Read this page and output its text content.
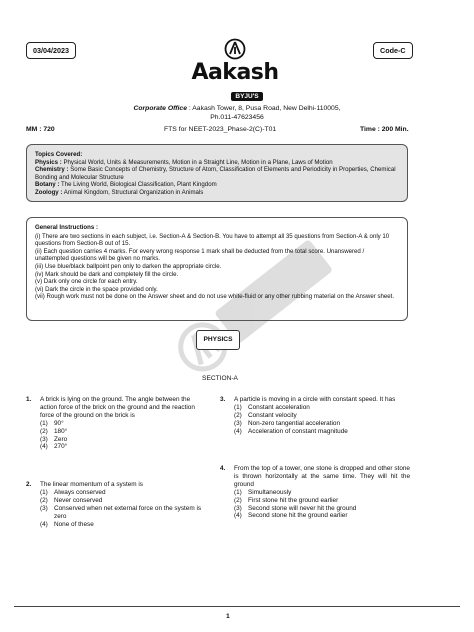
03/04/2023	Code-C
Aakash
BYJU'S
Corporate Office : Aakash Tower, 8, Pusa Road, New Delhi-110005,
Ph.011-47623456
MM : 720	FTS for NEET-2023_Phase-2(C)-T01	Time : 200 Min.
Topics Covered:
Physics : Physical World, Units & Measurements, Motion in a Straight Line, Motion in a Plane, Laws of Motion
Chemistry : Some Basic Concepts of Chemistry, Structure of Atom, Classification of Elements and Periodicity in Properties, Chemical Bonding and Molecular Structure
Botany : The Living World, Biological Classification, Plant Kingdom
Zoology : Animal Kingdom, Structural Organization in Animals
General Instructions :
(i) There are two sections in each subject, i.e. Section-A & Section-B. You have to attempt all 35 questions from Section-A & only 10 questions from Section-B out of 15.
(ii) Each question carries 4 marks. For every wrong response 1 mark shall be deducted from the total score. Unanswered / unattempted questions will be given no marks.
(iii) Use blue/black ballpoint pen only to darken the appropriate circle.
(iv) Mark should be dark and completely fill the circle.
(v) Dark only one circle for each entry.
(vi) Dark the circle in the space provided only.
(vii) Rough work must not be done on the Answer sheet and do not use white-fluid or any other rubbing material on the Answer sheet.
PHYSICS
SECTION-A
1. A brick is lying on the ground. The angle between the action force of the brick on the ground and the reaction force of the ground on the brick is
(1) 90°
(2) 180°
(3) Zero
(4) 270°
2. The linear momentum of a system is
(1) Always conserved
(2) Never conserved
(3) Conserved when net external force on the system is zero
(4) None of these
3. A particle is moving in a circle with constant speed. It has
(1) Constant acceleration
(2) Constant velocity
(3) Non-zero tangential acceleration
(4) Acceleration of constant magnitude
4. From the top of a tower, one stone is dropped and other stone is thrown horizontally at the same time. They will hit the ground
(1) Simultaneously
(2) First stone hit the ground earlier
(3) Second stone will never hit the ground
(4) Second stone hit the ground earlier
1
